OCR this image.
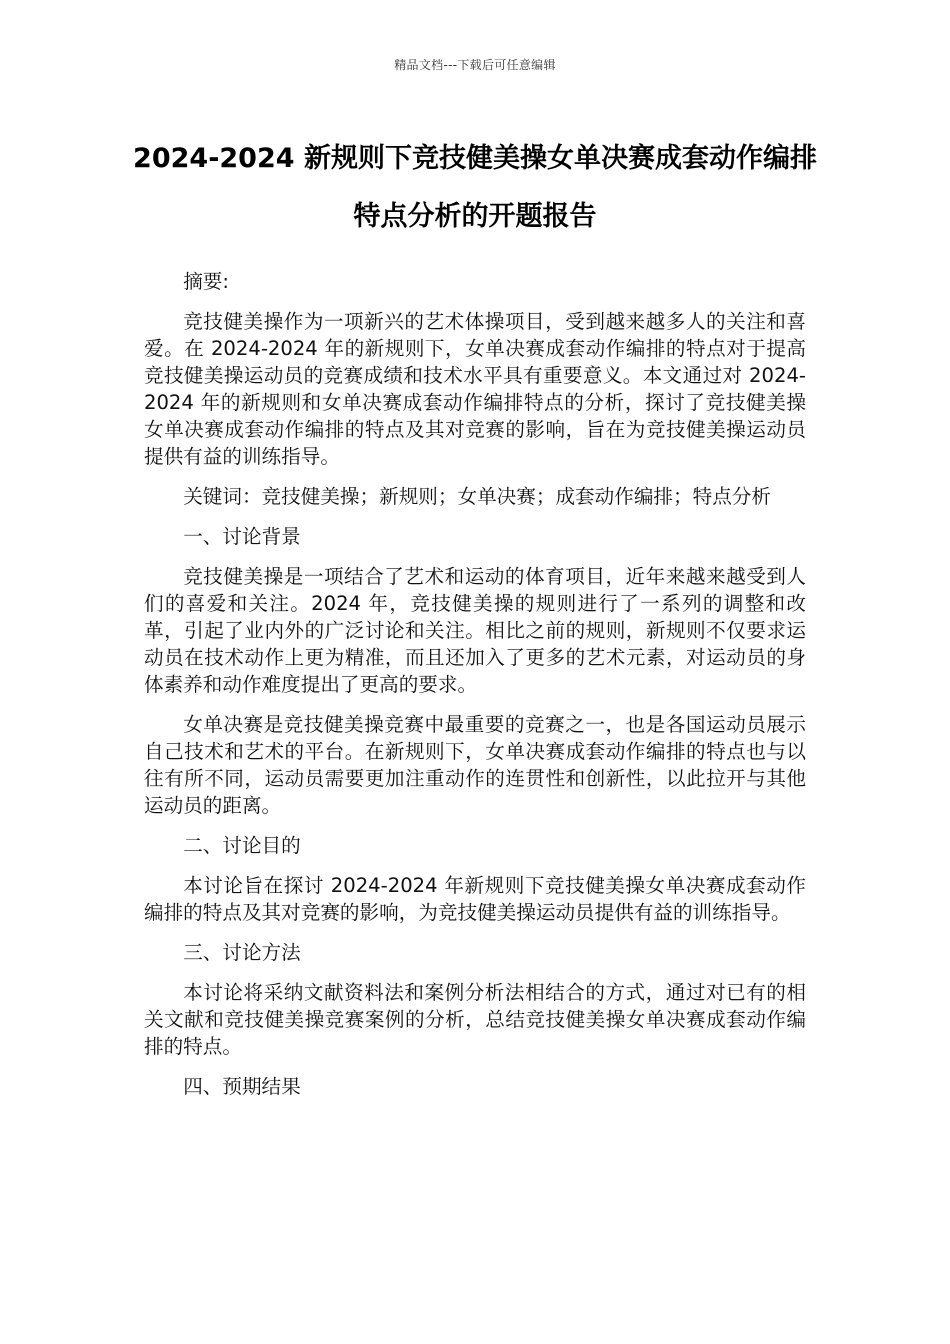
精品文档---下载后可任意编辑
2024-2024 新规则下竞技健美操女单决赛成套动作编排特点分析的开题报告

摘要:

竞技健美操作为一项新兴的艺术体操项目，受到越来越多人的关注和喜爱。在 2024-2024 年的新规则下，女单决赛成套动作编排的特点对于提高竞技健美操运动员的竞赛成绩和技术水平具有重要意义。本文通过对 2024-2024 年的新规则和女单决赛成套动作编排特点的分析，探讨了竞技健美操女单决赛成套动作编排的特点及其对竞赛的影响，旨在为竞技健美操运动员提供有益的训练指导。

关键词：竞技健美操；新规则；女单决赛；成套动作编排；特点分析

一、讨论背景

竞技健美操是一项结合了艺术和运动的体育项目，近年来越来越受到人们的喜爱和关注。2024 年，竞技健美操的规则进行了一系列的调整和改革，引起了业内外的广泛讨论和关注。相比之前的规则，新规则不仅要求运动员在技术动作上更为精准，而且还加入了更多的艺术元素，对运动员的身体素养和动作难度提出了更高的要求。

女单决赛是竞技健美操竞赛中最重要的竞赛之一，也是各国运动员展示自己技术和艺术的平台。在新规则下，女单决赛成套动作编排的特点也与以往有所不同，运动员需要更加注重动作的连贯性和创新性，以此拉开与其他运动员的距离。

二、讨论目的

本讨论旨在探讨 2024-2024 年新规则下竞技健美操女单决赛成套动作编排的特点及其对竞赛的影响，为竞技健美操运动员提供有益的训练指导。

三、讨论方法

本讨论将采纳文献资料法和案例分析法相结合的方式，通过对已有的相关文献和竞技健美操竞赛案例的分析，总结竞技健美操女单决赛成套动作编排的特点。

四、预期结果
